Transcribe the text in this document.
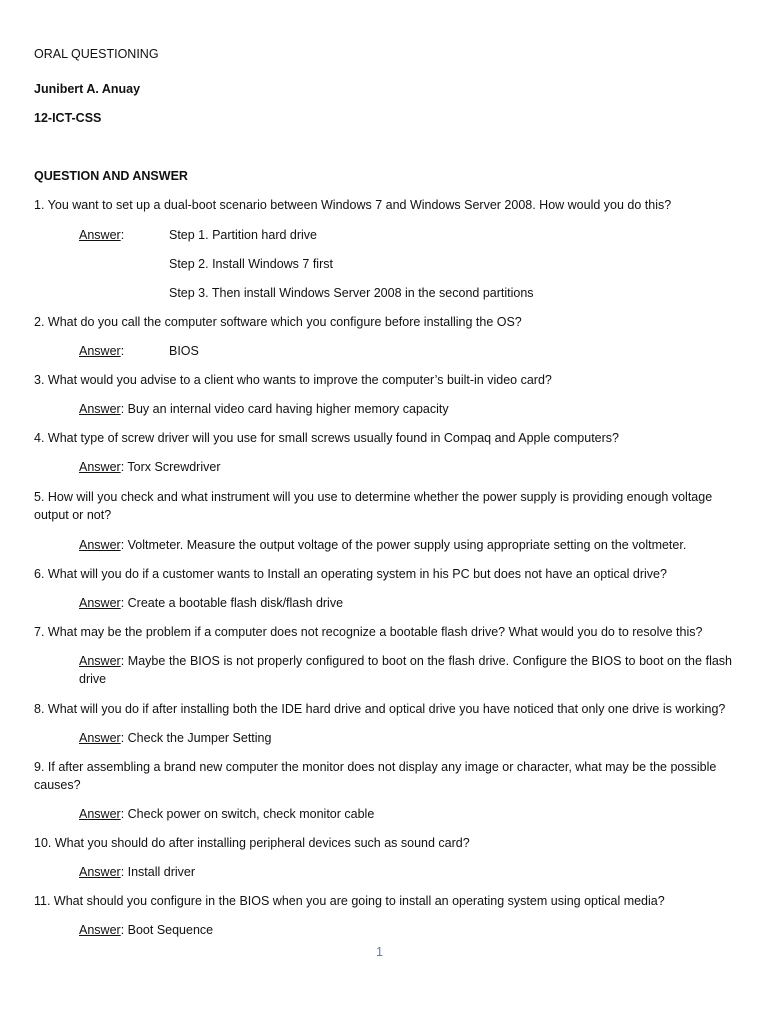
ORAL QUESTIONING
Junibert A. Anuay
12-ICT-CSS
QUESTION AND ANSWER
1. You want to set up a dual-boot scenario between Windows 7 and Windows Server 2008. How would you do this?
Answer:	Step 1. Partition hard drive
Step 2. Install Windows 7 first
Step 3. Then install Windows Server 2008 in the second partitions
2. What do you call the computer software which you configure before installing the OS?
Answer:	BIOS
3. What would you advise to a client who wants to improve the computer’s built-in video card?
Answer: Buy an internal video card having higher memory capacity
4. What type of screw driver will you use for small screws usually found in Compaq and Apple computers?
Answer: Torx Screwdriver
5. How will you check and what instrument will you use to determine whether the power supply is providing enough voltage output or not?
Answer: Voltmeter. Measure the output voltage of the power supply using appropriate setting on the voltmeter.
6. What will you do if a customer wants to Install an operating system in his PC but does not have an optical drive?
Answer: Create a bootable flash disk/flash drive
7. What may be the problem if a computer does not recognize a bootable flash drive? What would you do to resolve this?
Answer: Maybe the BIOS is not properly configured to boot on the flash drive. Configure the BIOS to boot on the flash drive
8. What will you do if after installing both the IDE hard drive and optical drive you have noticed that only one drive is working?
Answer: Check the Jumper Setting
9. If after assembling a brand new computer the monitor does not display any image or character, what may be the possible causes?
Answer: Check power on switch, check monitor cable
10. What you should do after installing peripheral devices such as sound card?
Answer: Install driver
11. What should you configure in the BIOS when you are going to install an operating system using optical media?
Answer: Boot Sequence
1
